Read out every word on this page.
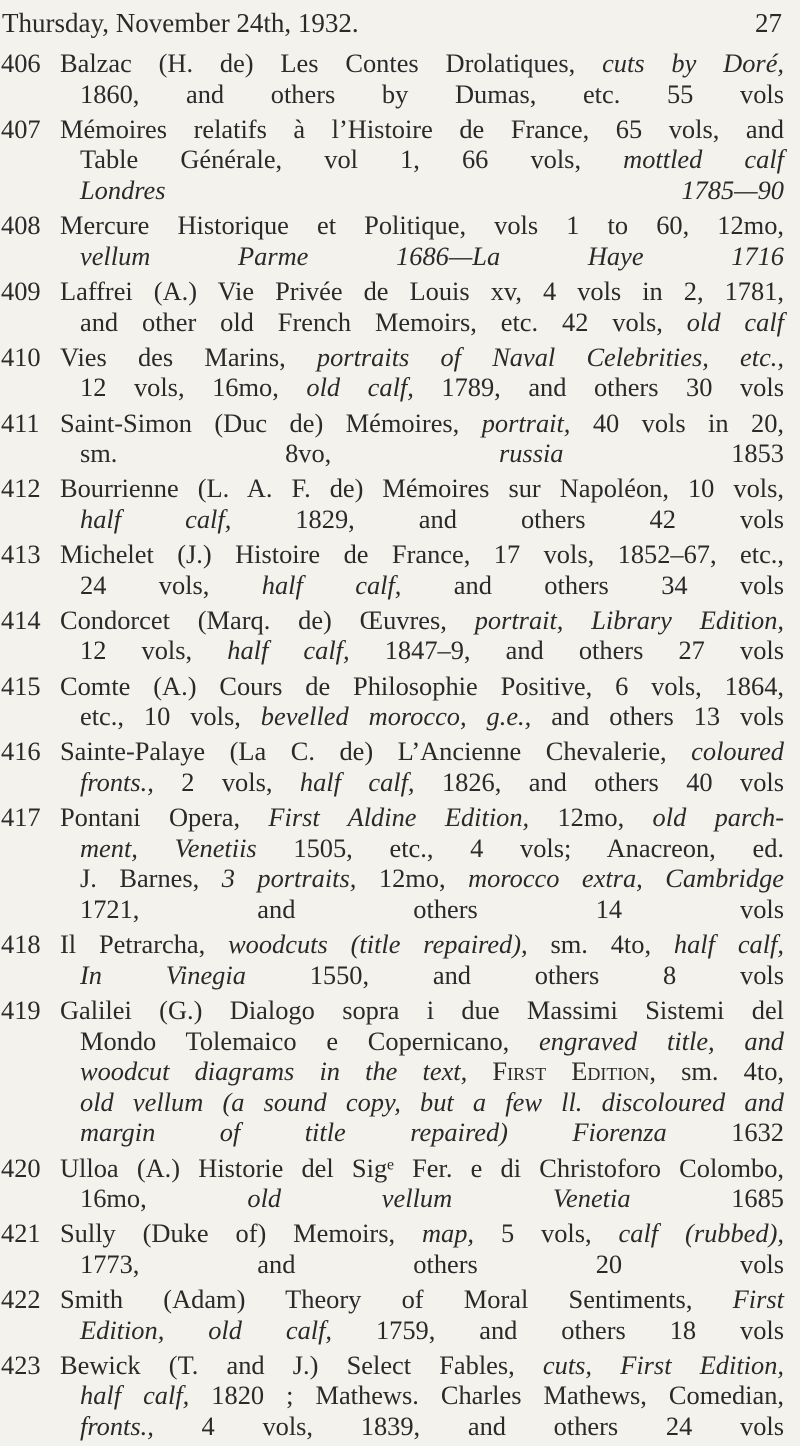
Thursday, November 24th, 1932.	27
406 Balzac (H. de) Les Contes Drolatiques, cuts by Doré,
1860, and others by Dumas, etc. 55 vols
407 Mémoires relatifs à l’Histoire de France, 65 vols, and
Table Générale, vol 1, 66 vols, mottled calf
Londres 1785—90
408 Mercure Historique et Politique, vols 1 to 60, 12mo,
vellum Parme 1686—La Haye 1716
409 Laffrei (A.) Vie Privée de Louis xv, 4 vols in 2, 1781,
and other old French Memoirs, etc. 42 vols, old calf
410 Vies des Marins, portraits of Naval Celebrities, etc.,
12 vols, 16mo, old calf, 1789, and others 30 vols
411 Saint-Simon (Duc de) Mémoires, portrait, 40 vols in 20,
sm. 8vo, russia 1853
412 Bourrienne (L. A. F. de) Mémoires sur Napoléon, 10 vols,
half calf, 1829, and others 42 vols
413 Michelet (J.) Histoire de France, 17 vols, 1852–67, etc.,
24 vols, half calf, and others 34 vols
414 Condorcet (Marq. de) Œuvres, portrait, Library Edition,
12 vols, half calf, 1847–9, and others 27 vols
415 Comte (A.) Cours de Philosophie Positive, 6 vols, 1864,
etc., 10 vols, bevelled morocco, g.e., and others 13 vols
416 Sainte-Palaye (La C. de) L’Ancienne Chevalerie, coloured
fronts., 2 vols, half calf, 1826, and others 40 vols
417 Pontani Opera, First Aldine Edition, 12mo, old parch-
ment, Venetiis 1505, etc., 4 vols; Anacreon, ed.
J. Barnes, 3 portraits, 12mo, morocco extra, Cambridge
1721, and others 14 vols
418 Il Petrarcha, woodcuts (title repaired), sm. 4to, half calf,
In Vinegia 1550, and others 8 vols
419 Galilei (G.) Dialogo sopra i due Massimi Sistemi del
Mondo Tolemaico e Copernicano, engraved title, and
woodcut diagrams in the text, First Edition, sm. 4to,
old vellum (a sound copy, but a few ll. discoloured and
margin of title repaired) Fiorenza 1632
420 Ulloa (A.) Historie del Sigᵉ Fer. e di Christoforo Colombo,
16mo, old vellum	Venetia 1685
421 Sully (Duke of) Memoirs, map, 5 vols, calf (rubbed),
1773, and others 20 vols
422 Smith (Adam) Theory of Moral Sentiments, First
Edition, old calf, 1759, and others 18 vols
423 Bewick (T. and J.) Select Fables, cuts, First Edition,
half calf, 1820 ; Mathews. Charles Mathews, Comedian,
fronts., 4 vols, 1839, and others 24 vols
